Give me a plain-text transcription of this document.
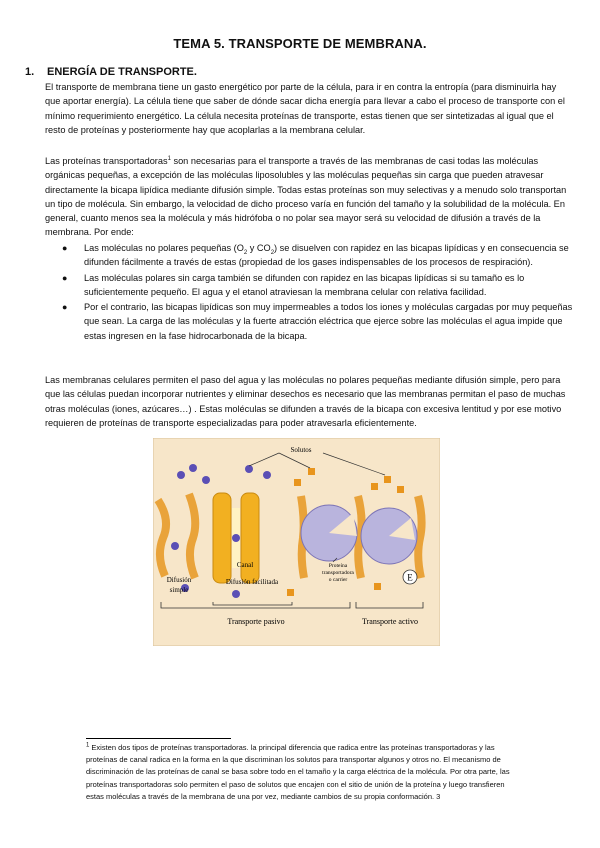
TEMA 5. TRANSPORTE DE MEMBRANA.
1. ENERGÍA DE TRANSPORTE.
El transporte de membrana tiene un gasto energético por parte de la célula, para ir en contra la entropía (para disminuirla hay que aportar energía). La célula tiene que saber de dónde sacar dicha energía para llevar a cabo el proceso de transporte con el mínimo requerimiento energético. La célula necesita proteínas de transporte, estas tienen que ser sintetizadas al igual que el resto de proteínas y posteriormente hay que acoplarlas a la membrana celular.
Las proteínas transportadoras$^1$ son necesarias para el transporte a través de las membranas de casi todas las moléculas orgánicas pequeñas, a excepción de las moléculas liposolubles y las moléculas pequeñas sin carga que pueden atravesar directamente la bicapa lipídica mediante difusión simple. Todas estas proteínas son muy selectivas y a menudo solo transportan un tipo de molécula. Sin embargo, la velocidad de dicho proceso varía en función del tamaño y la solubilidad de la molécula. En general, cuanto menos sea la molécula y más hidrófoba o no polar sea mayor será su velocidad de difusión a través de la membrana. Por ende:
● Las moléculas no polares pequeñas ($O_2$ y $CO_2$) se disuelven con rapidez en las bicapas lipídicas y en consecuencia se difunden fácilmente a través de estas (propiedad de los gases indispensables de los procesos de respiración).
● Las moléculas polares sin carga también se difunden con rapidez en las bicapas lipídicas si su tamaño es lo suficientemente pequeño. El agua y el etanol atraviesan la membrana celular con relativa facilidad.
● Por el contrario, las bicapas lipídicas son muy impermeables a todos los iones y moléculas cargadas por muy pequeñas que sean. La carga de las moléculas y la fuerte atracción eléctrica que ejerce sobre las moléculas el agua impide que estas ingresen en la fase hidrocarbonada de la bicapa.
Las membranas celulares permiten el paso del agua y las moléculas no polares pequeñas mediante difusión simple, pero para que las células puedan incorporar nutrientes y eliminar desechos es necesario que las membranas permitan el paso de muchas otras moléculas (iones, azúcares…) . Estas moléculas se difunden a través de la bicapa con excesiva lentitud y por ese motivo requieren de proteínas de transporte especializadas para poder atravesarla eficientemente.
E
Solutos
Canal
Difusión
simple
Difusión facilitada
Proteína
transportadora
o carrier
Transporte pasivo	Transporte activo
$^1$ Existen dos tipos de proteínas transportadoras. la principal diferencia que radica entre las proteínas transportadoras y las proteínas de canal radica en la forma en la que discriminan los solutos para transportar algunos y otros no. El mecanismo de discriminación de las proteínas de canal se basa sobre todo en el tamaño y la carga eléctrica de la molécula. Por otra parte, las proteínas transportadoras solo permiten el paso de solutos que encajen con el sitio de unión de la proteína y luego transfieren estas moléculas a través de la membrana de una por vez, mediante cambios de su propia conformación. 3
